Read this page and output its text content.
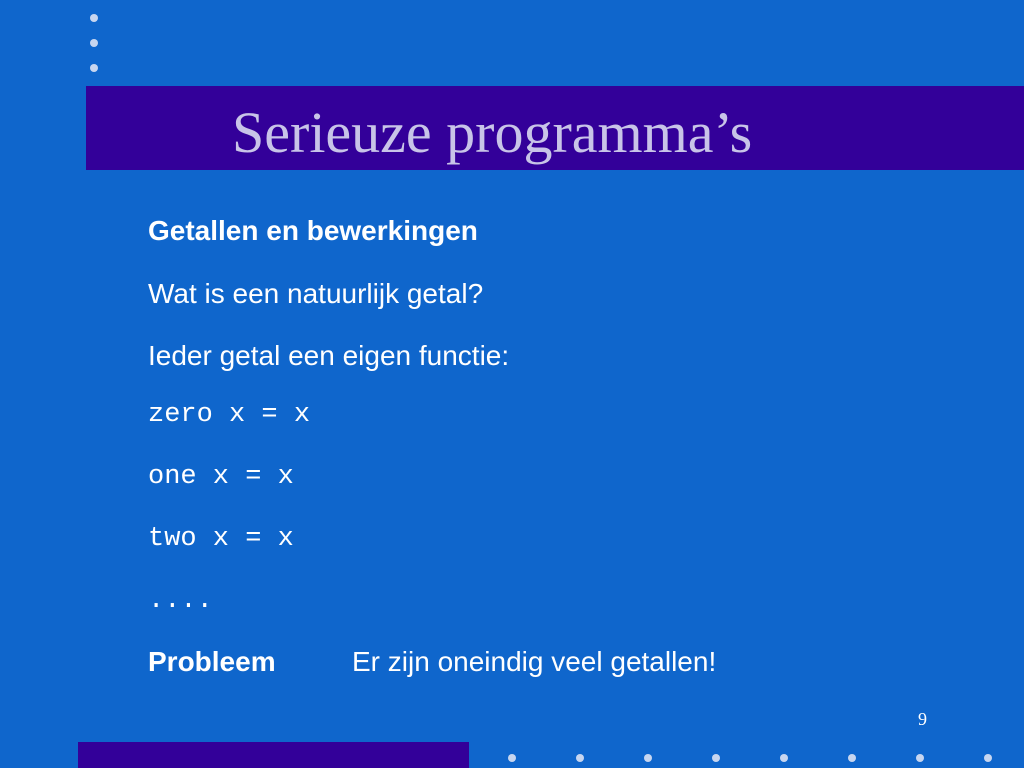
Serieuze programma’s

Getallen en bewerkingen

Wat is een natuurlijk getal?

Ieder getal een eigen functie:

zero x = x

one x = x

two x = x

....

Probleem	Er zijn oneindig veel getallen!

9
